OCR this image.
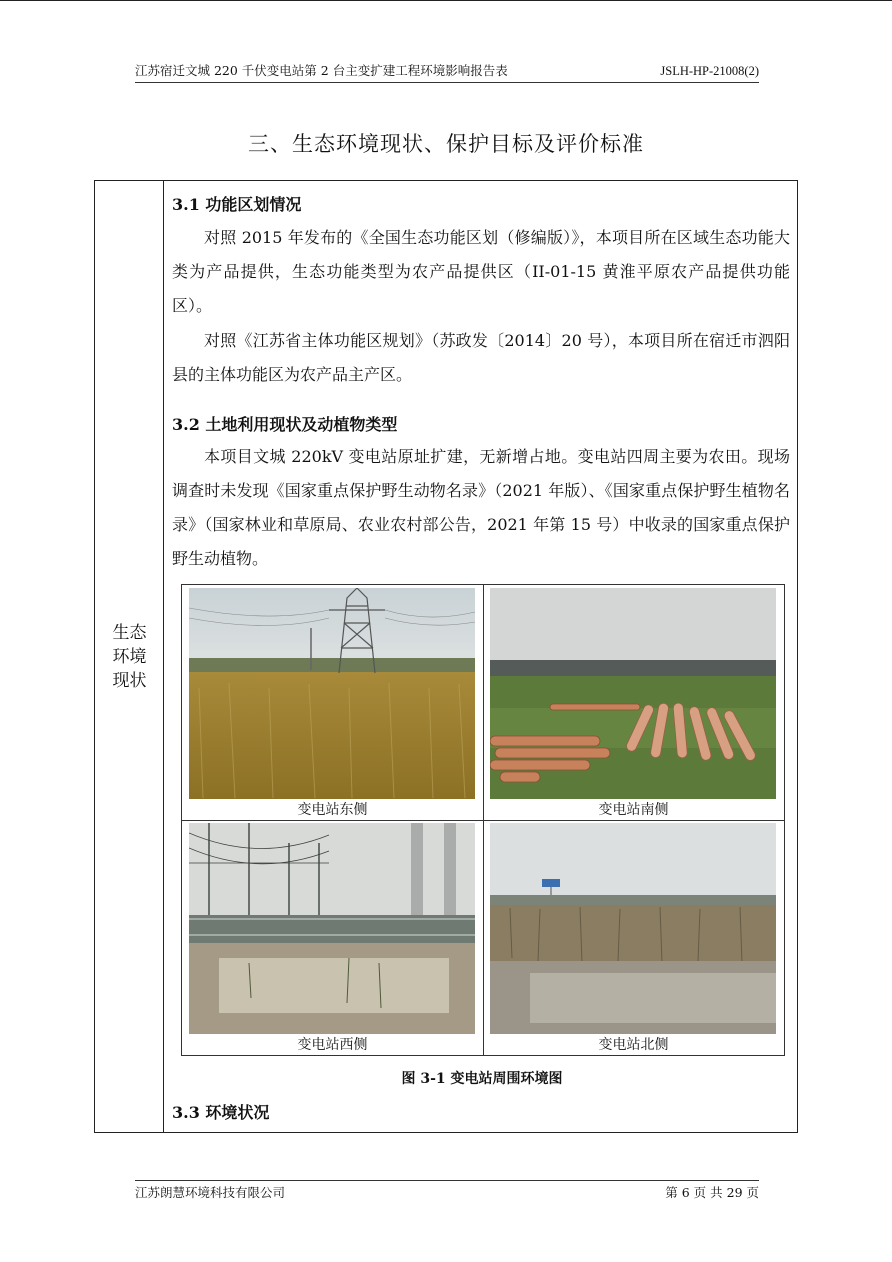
江苏宿迁文城 220 千伏变电站第 2 台主变扩建工程环境影响报告表	JSLH-HP-21008(2)
三、生态环境现状、保护目标及评价标准
生态
环境
现状
3.1 功能区划情况
对照 2015 年发布的《全国生态功能区划（修编版）》，本项目所在区域生态功能大类为产品提供，生态功能类型为农产品提供区（II-01-15 黄淮平原农产品提供功能区）。
对照《江苏省主体功能区规划》（苏政发〔2014〕20 号），本项目所在宿迁市泗阳县的主体功能区为农产品主产区。
3.2 土地利用现状及动植物类型
本项目文城 220kV 变电站原址扩建，无新增占地。变电站四周主要为农田。现场调查时未发现《国家重点保护野生动物名录》（2021 年版）、《国家重点保护野生植物名录》（国家林业和草原局、农业农村部公告，2021 年第 15 号）中收录的国家重点保护野生动植物。
变电站东侧	变电站南侧
变电站西侧	变电站北侧
图 3-1 变电站周围环境图
3.3 环境状况
江苏朗慧环境科技有限公司	第 6 页 共 29 页
